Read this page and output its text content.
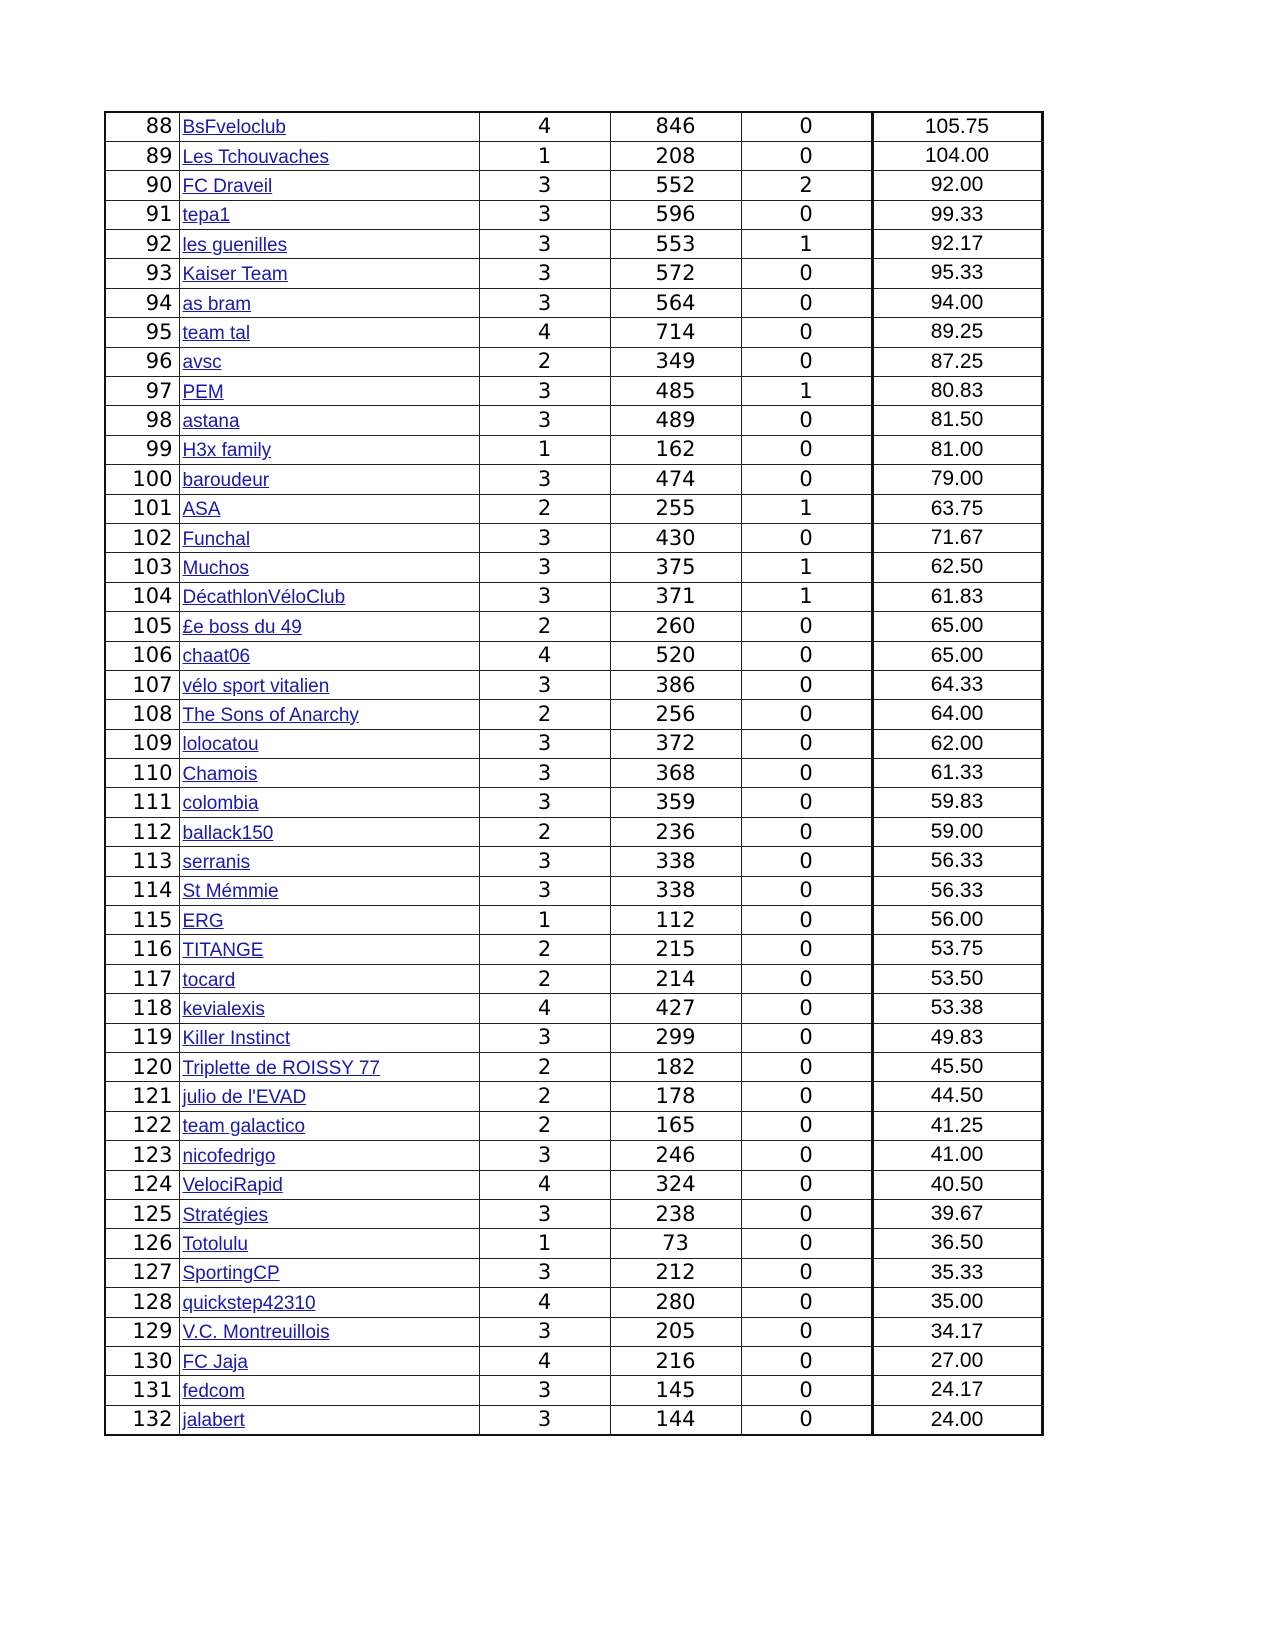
88	BsFveloclub	4	846	0	105.75
89	Les Tchouvaches	1	208	0	104.00
90	FC Draveil	3	552	2	92.00
91	tepa1	3	596	0	99.33
92	les guenilles	3	553	1	92.17
93	Kaiser Team	3	572	0	95.33
94	as bram	3	564	0	94.00
95	team tal	4	714	0	89.25
96	avsc	2	349	0	87.25
97	PEM	3	485	1	80.83
98	astana	3	489	0	81.50
99	H3x family	1	162	0	81.00
100	baroudeur	3	474	0	79.00
101	ASA	2	255	1	63.75
102	Funchal	3	430	0	71.67
103	Muchos	3	375	1	62.50
104	DécathlonVéloClub	3	371	1	61.83
105	£e boss du 49	2	260	0	65.00
106	chaat06	4	520	0	65.00
107	vélo sport vitalien	3	386	0	64.33
108	The Sons of Anarchy	2	256	0	64.00
109	lolocatou	3	372	0	62.00
110	Chamois	3	368	0	61.33
111	colombia	3	359	0	59.83
112	ballack150	2	236	0	59.00
113	serranis	3	338	0	56.33
114	St Mémmie	3	338	0	56.33
115	ERG	1	112	0	56.00
116	TITANGE	2	215	0	53.75
117	tocard	2	214	0	53.50
118	kevialexis	4	427	0	53.38
119	Killer Instinct	3	299	0	49.83
120	Triplette de ROISSY 77	2	182	0	45.50
121	julio de l'EVAD	2	178	0	44.50
122	team galactico	2	165	0	41.25
123	nicofedrigo	3	246	0	41.00
124	VelociRapid	4	324	0	40.50
125	Stratégies	3	238	0	39.67
126	Totolulu	1	73	0	36.50
127	SportingCP	3	212	0	35.33
128	quickstep42310	4	280	0	35.00
129	V.C. Montreuillois	3	205	0	34.17
130	FC Jaja	4	216	0	27.00
131	fedcom	3	145	0	24.17
132	jalabert	3	144	0	24.00
